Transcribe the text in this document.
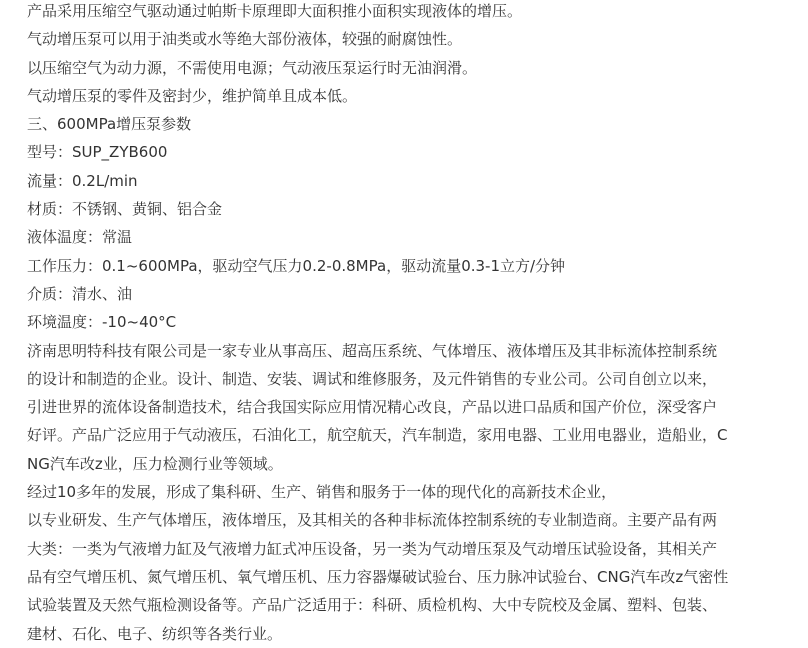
产品采用压缩空气驱动通过帕斯卡原理即大面积推小面积实现液体的增压。
气动增压泵可以用于油类或水等绝大部份液体，较强的耐腐蚀性。
以压缩空气为动力源，不需使用电源；气动液压泵运行时无油润滑。
气动增压泵的零件及密封少，维护简单且成本低。
三、600MPa增压泵参数
型号：SUP_ZYB600
流量：0.2L/min
材质：不锈钢、黄铜、铝合金
液体温度：常温
工作压力：0.1~600MPa，驱动空气压力0.2-0.8MPa，驱动流量0.3-1立方/分钟
介质：清水、油
环境温度：-10~40°C
济南思明特科技有限公司是一家专业从事高压、超高压系统、气体增压、液体增压及其非标流体控制系统
的设计和制造的企业。设计、制造、安装、调试和维修服务，及元件销售的专业公司。公司自创立以来，
引进世界的流体设备制造技术，结合我国实际应用情况精心改良，产品以进口品质和国产价位，深受客户
好评。产品广泛应用于气动液压，石油化工，航空航天，汽车制造，家用电器、工业用电器业，造船业，C
NG汽车改z业，压力检测行业等领域。
经过10多年的发展，形成了集科研、生产、销售和服务于一体的现代化的高新技术企业，
以专业研发、生产气体增压，液体增压，及其相关的各种非标流体控制系统的专业制造商。主要产品有两
大类：一类为气液增力缸及气液增力缸式冲压设备，另一类为气动增压泵及气动增压试验设备，其相关产
品有空气增压机、氮气增压机、氧气增压机、压力容器爆破试验台、压力脉冲试验台、CNG汽车改z气密性
试验装置及天然气瓶检测设备等。产品广泛适用于：科研、质检机构、大中专院校及金属、塑料、包装、
建材、石化、电子、纺织等各类行业。
